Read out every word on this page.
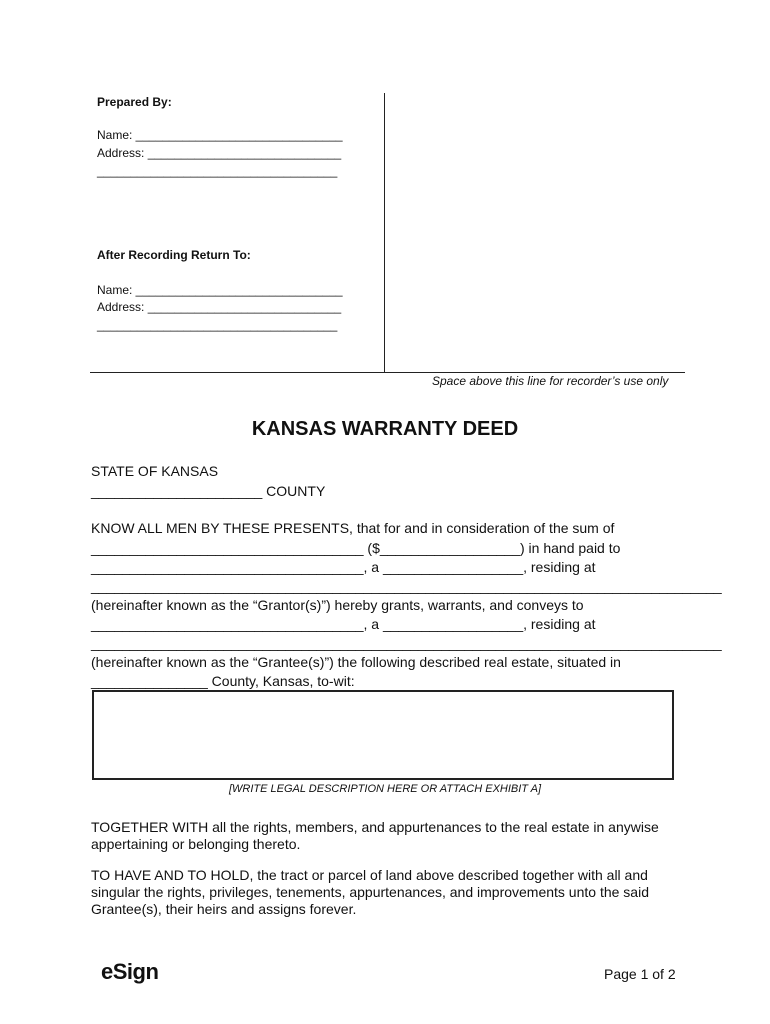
Prepared By:
Name: _______________________________
Address: _____________________________
____________________________________
After Recording Return To:
Name: _______________________________
Address: _____________________________
____________________________________
Space above this line for recorder’s use only
KANSAS WARRANTY DEED
STATE OF KANSAS
______________________ COUNTY
KNOW ALL MEN BY THESE PRESENTS, that for and in consideration of the sum of
___________________________________ ($__________________) in hand paid to
___________________________________, a __________________, residing at
_________________________________________________________________________________
(hereinafter known as the “Grantor(s)”) hereby grants, warrants, and conveys to
___________________________________, a __________________, residing at
_________________________________________________________________________________
(hereinafter known as the “Grantee(s)”) the following described real estate, situated in
_______________ County, Kansas, to-wit:
[WRITE LEGAL DESCRIPTION HERE OR ATTACH EXHIBIT A]
TOGETHER WITH all the rights, members, and appurtenances to the real estate in anywise
appertaining or belonging thereto.
TO HAVE AND TO HOLD, the tract or parcel of land above described together with all and
singular the rights, privileges, tenements, appurtenances, and improvements unto the said
Grantee(s), their heirs and assigns forever.
eSign	Page 1 of 2
